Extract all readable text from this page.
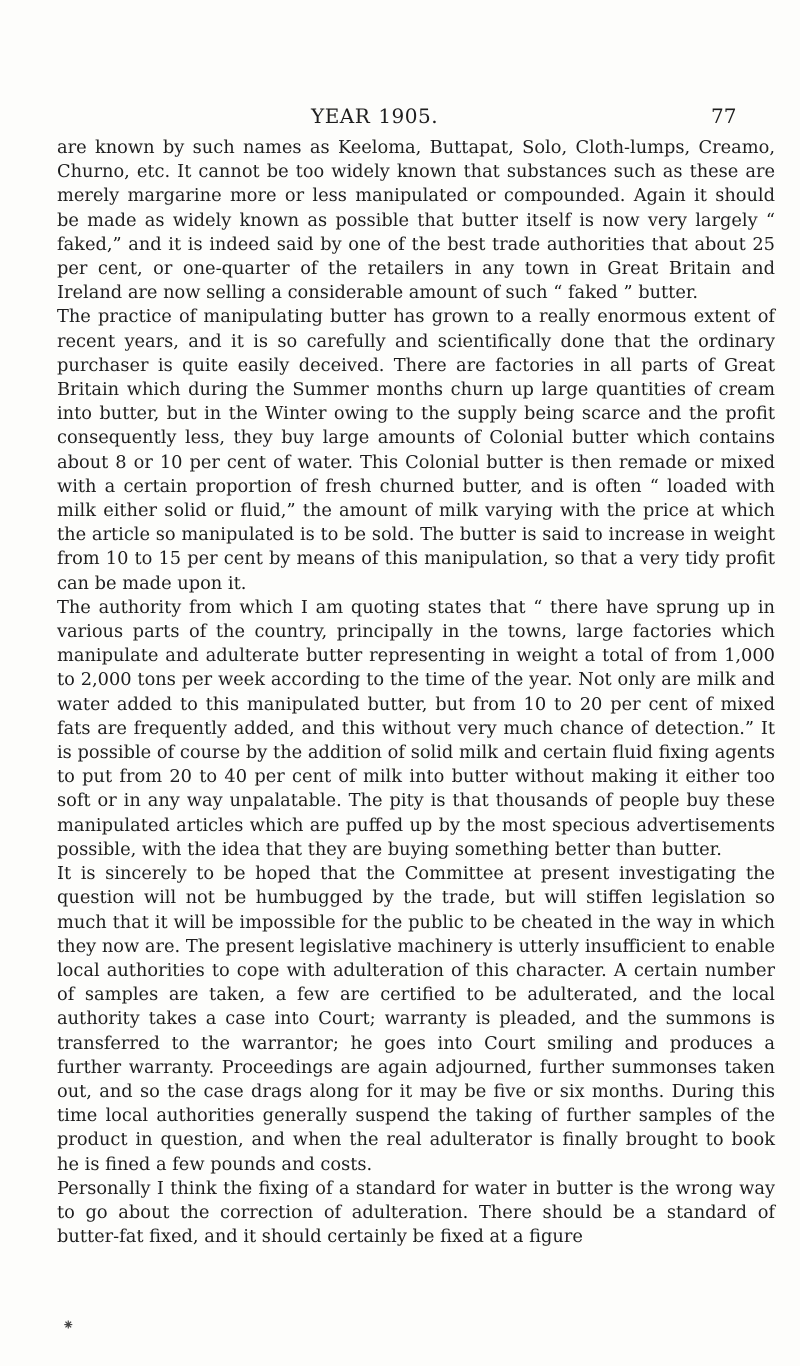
YEAR 1905.	77

are known by such names as Keeloma, Buttapat, Solo, Cloth-lumps, Creamo, Churno, etc. It cannot be too widely known that substances such as these are merely margarine more or less manipulated or compounded. Again it should be made as widely known as possible that butter itself is now very largely “ faked,” and it is indeed said by one of the best trade authorities that about 25 per cent, or one-quarter of the retailers in any town in Great Britain and Ireland are now selling a considerable amount of such “ faked ” butter.

The practice of manipulating butter has grown to a really enormous extent of recent years, and it is so carefully and scientifically done that the ordinary purchaser is quite easily deceived. There are factories in all parts of Great Britain which during the Summer months churn up large quantities of cream into butter, but in the Winter owing to the supply being scarce and the profit consequently less, they buy large amounts of Colonial butter which contains about 8 or 10 per cent of water. This Colonial butter is then remade or mixed with a certain proportion of fresh churned butter, and is often “ loaded with milk either solid or fluid,” the amount of milk varying with the price at which the article so manipulated is to be sold. The butter is said to increase in weight from 10 to 15 per cent by means of this manipulation, so that a very tidy profit can be made upon it.

The authority from which I am quoting states that “ there have sprung up in various parts of the country, principally in the towns, large factories which manipulate and adulterate butter representing in weight a total of from 1,000 to 2,000 tons per week according to the time of the year. Not only are milk and water added to this manipulated butter, but from 10 to 20 per cent of mixed fats are frequently added, and this without very much chance of detection.” It is possible of course by the addition of solid milk and certain fluid fixing agents to put from 20 to 40 per cent of milk into butter without making it either too soft or in any way unpalatable. The pity is that thousands of people buy these manipulated articles which are puffed up by the most specious advertisements possible, with the idea that they are buying something better than butter.

It is sincerely to be hoped that the Committee at present investigating the question will not be humbugged by the trade, but will stiffen legislation so much that it will be impossible for the public to be cheated in the way in which they now are. The present legislative machinery is utterly insufficient to enable local authorities to cope with adulteration of this character. A certain number of samples are taken, a few are certified to be adulterated, and the local authority takes a case into Court; warranty is pleaded, and the summons is transferred to the warrantor; he goes into Court smiling and produces a further warranty. Proceedings are again adjourned, further summonses taken out, and so the case drags along for it may be five or six months. During this time local authorities generally suspend the taking of further samples of the product in question, and when the real adulterator is finally brought to book he is fined a few pounds and costs.

Personally I think the fixing of a standard for water in butter is the wrong way to go about the correction of adulteration. There should be a standard of butter-fat fixed, and it should certainly be fixed at a figure

⁕
